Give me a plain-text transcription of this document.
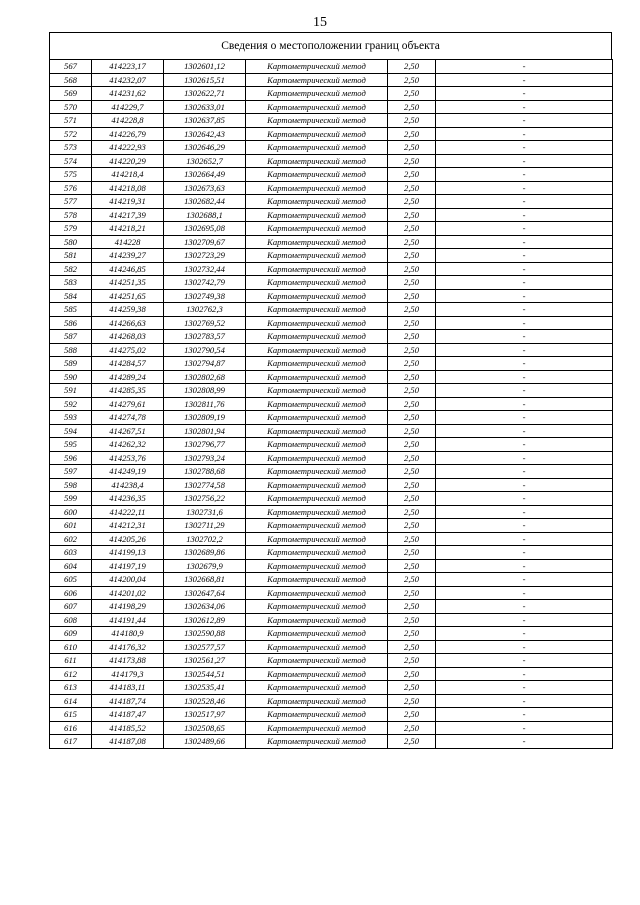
15
Сведения о местоположении границ объекта
567	414223,17	1302601,12	Картометрический метод	2,50	-
568	414232,07	1302615,51	Картометрический метод	2,50	-
569	414231,62	1302622,71	Картометрический метод	2,50	-
570	414229,7	1302633,01	Картометрический метод	2,50	-
571	414228,8	1302637,85	Картометрический метод	2,50	-
572	414226,79	1302642,43	Картометрический метод	2,50	-
573	414222,93	1302646,29	Картометрический метод	2,50	-
574	414220,29	1302652,7	Картометрический метод	2,50	-
575	414218,4	1302664,49	Картометрический метод	2,50	-
576	414218,08	1302673,63	Картометрический метод	2,50	-
577	414219,31	1302682,44	Картометрический метод	2,50	-
578	414217,39	1302688,1	Картометрический метод	2,50	-
579	414218,21	1302695,08	Картометрический метод	2,50	-
580	414228	1302709,67	Картометрический метод	2,50	-
581	414239,27	1302723,29	Картометрический метод	2,50	-
582	414246,85	1302732,44	Картометрический метод	2,50	-
583	414251,35	1302742,79	Картометрический метод	2,50	-
584	414251,65	1302749,38	Картометрический метод	2,50	-
585	414259,38	1302762,3	Картометрический метод	2,50	-
586	414266,63	1302769,52	Картометрический метод	2,50	-
587	414268,03	1302783,57	Картометрический метод	2,50	-
588	414275,02	1302790,54	Картометрический метод	2,50	-
589	414284,57	1302794,87	Картометрический метод	2,50	-
590	414289,24	1302802,68	Картометрический метод	2,50	-
591	414285,35	1302808,99	Картометрический метод	2,50	-
592	414279,61	1302811,76	Картометрический метод	2,50	-
593	414274,78	1302809,19	Картометрический метод	2,50	-
594	414267,51	1302801,94	Картометрический метод	2,50	-
595	414262,32	1302796,77	Картометрический метод	2,50	-
596	414253,76	1302793,24	Картометрический метод	2,50	-
597	414249,19	1302788,68	Картометрический метод	2,50	-
598	414238,4	1302774,58	Картометрический метод	2,50	-
599	414236,35	1302756,22	Картометрический метод	2,50	-
600	414222,11	1302731,6	Картометрический метод	2,50	-
601	414212,31	1302711,29	Картометрический метод	2,50	-
602	414205,26	1302702,2	Картометрический метод	2,50	-
603	414199,13	1302689,86	Картометрический метод	2,50	-
604	414197,19	1302679,9	Картометрический метод	2,50	-
605	414200,04	1302668,81	Картометрический метод	2,50	-
606	414201,02	1302647,64	Картометрический метод	2,50	-
607	414198,29	1302634,06	Картометрический метод	2,50	-
608	414191,44	1302612,89	Картометрический метод	2,50	-
609	414180,9	1302590,88	Картометрический метод	2,50	-
610	414176,32	1302577,57	Картометрический метод	2,50	-
611	414173,88	1302561,27	Картометрический метод	2,50	-
612	414179,3	1302544,51	Картометрический метод	2,50	-
613	414183,11	1302535,41	Картометрический метод	2,50	-
614	414187,74	1302528,46	Картометрический метод	2,50	-
615	414187,47	1302517,97	Картометрический метод	2,50	-
616	414185,52	1302508,65	Картометрический метод	2,50	-
617	414187,08	1302489,66	Картометрический метод	2,50	-
